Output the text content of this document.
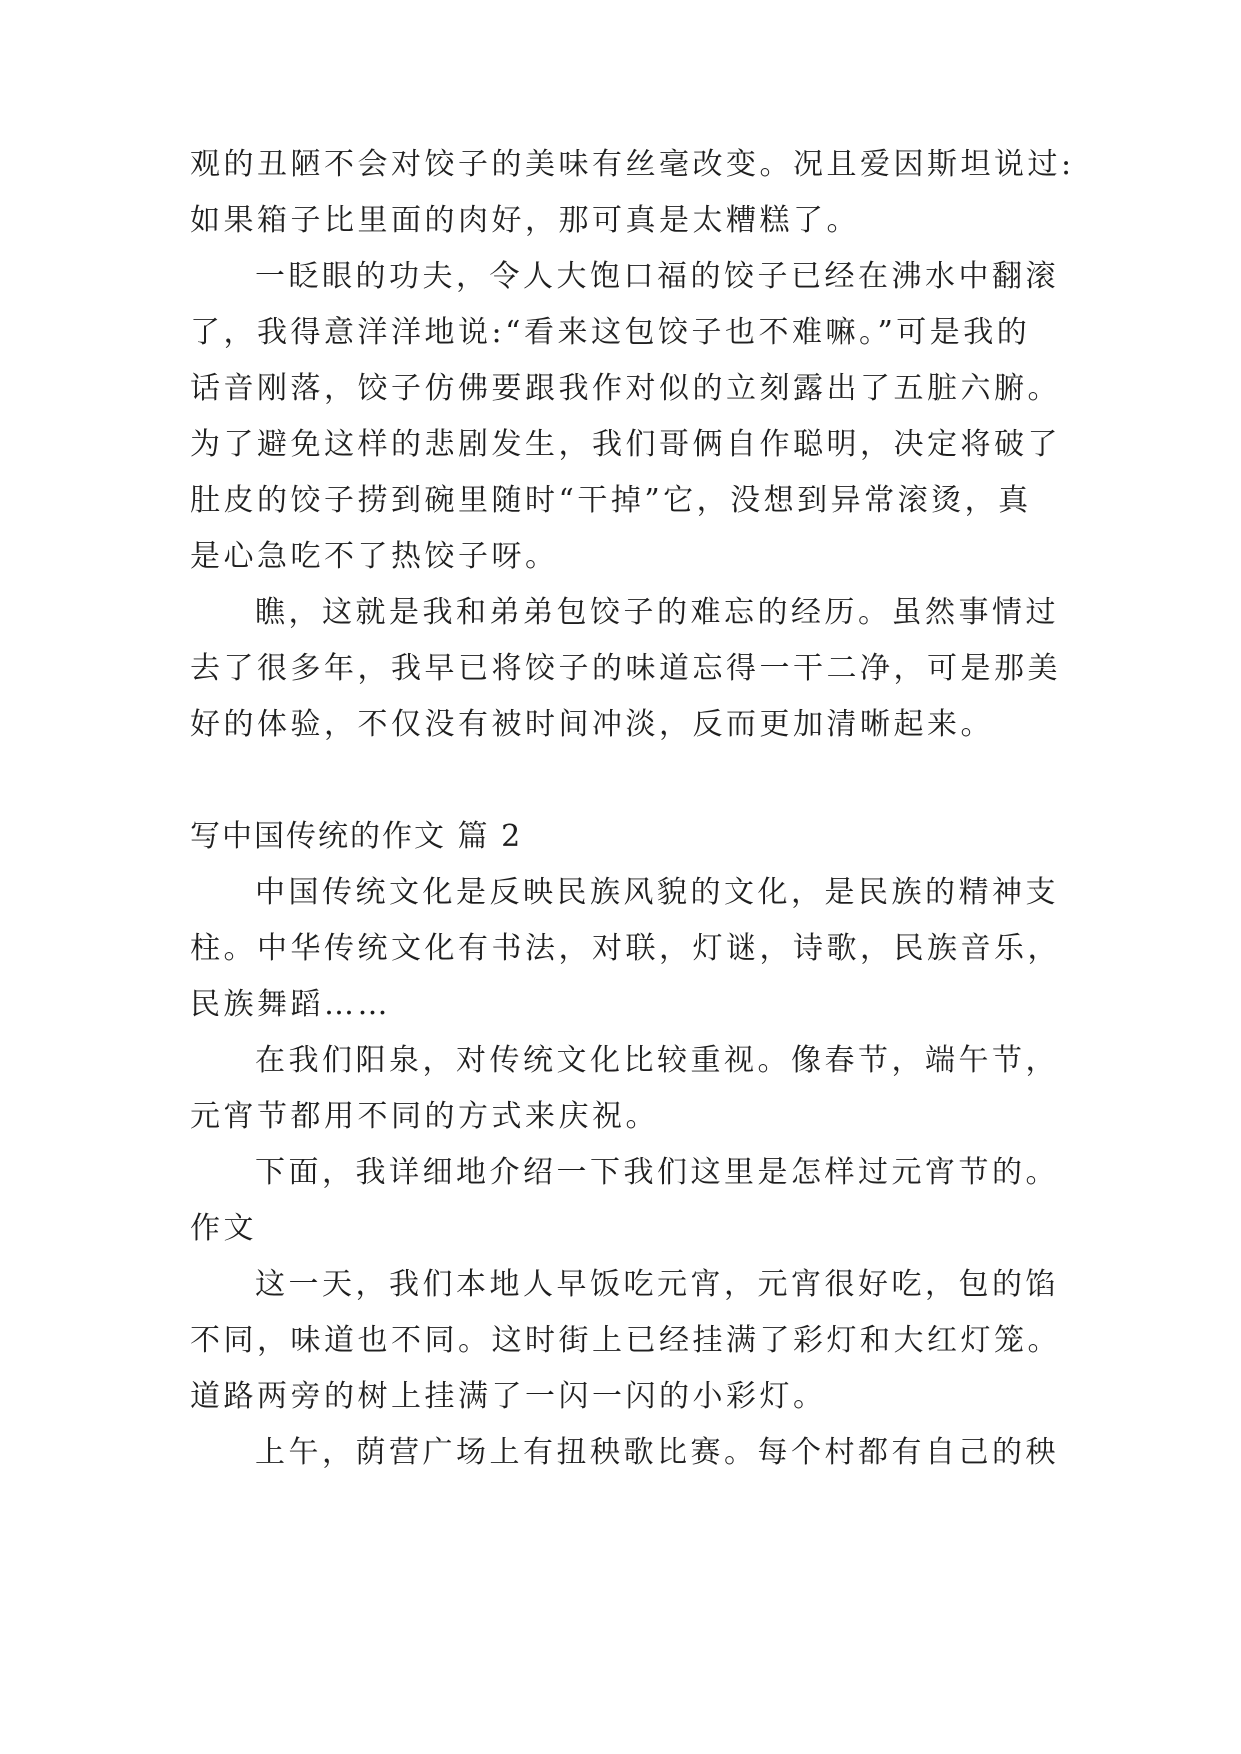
观的丑陋不会对饺子的美味有丝毫改变。况且爱因斯坦说过:
如果箱子比里面的肉好，那可真是太糟糕了。
一眨眼的功夫，令人大饱口福的饺子已经在沸水中翻滚
了，我得意洋洋地说:“看来这包饺子也不难嘛。”可是我的
话音刚落，饺子仿佛要跟我作对似的立刻露出了五脏六腑。
为了避免这样的悲剧发生，我们哥俩自作聪明，决定将破了
肚皮的饺子捞到碗里随时“干掉”它，没想到异常滚烫，真
是心急吃不了热饺子呀。
瞧，这就是我和弟弟包饺子的难忘的经历。虽然事情过
去了很多年，我早已将饺子的味道忘得一干二净，可是那美
好的体验，不仅没有被时间冲淡，反而更加清晰起来。
写中国传统的作文 篇 2
中国传统文化是反映民族风貌的文化，是民族的精神支
柱。中华传统文化有书法，对联，灯谜，诗歌，民族音乐，
民族舞蹈……
在我们阳泉，对传统文化比较重视。像春节，端午节，
元宵节都用不同的方式来庆祝。
下面，我详细地介绍一下我们这里是怎样过元宵节的。
作文
这一天，我们本地人早饭吃元宵，元宵很好吃，包的馅
不同，味道也不同。这时街上已经挂满了彩灯和大红灯笼。
道路两旁的树上挂满了一闪一闪的小彩灯。
上午，荫营广场上有扭秧歌比赛。每个村都有自己的秧
